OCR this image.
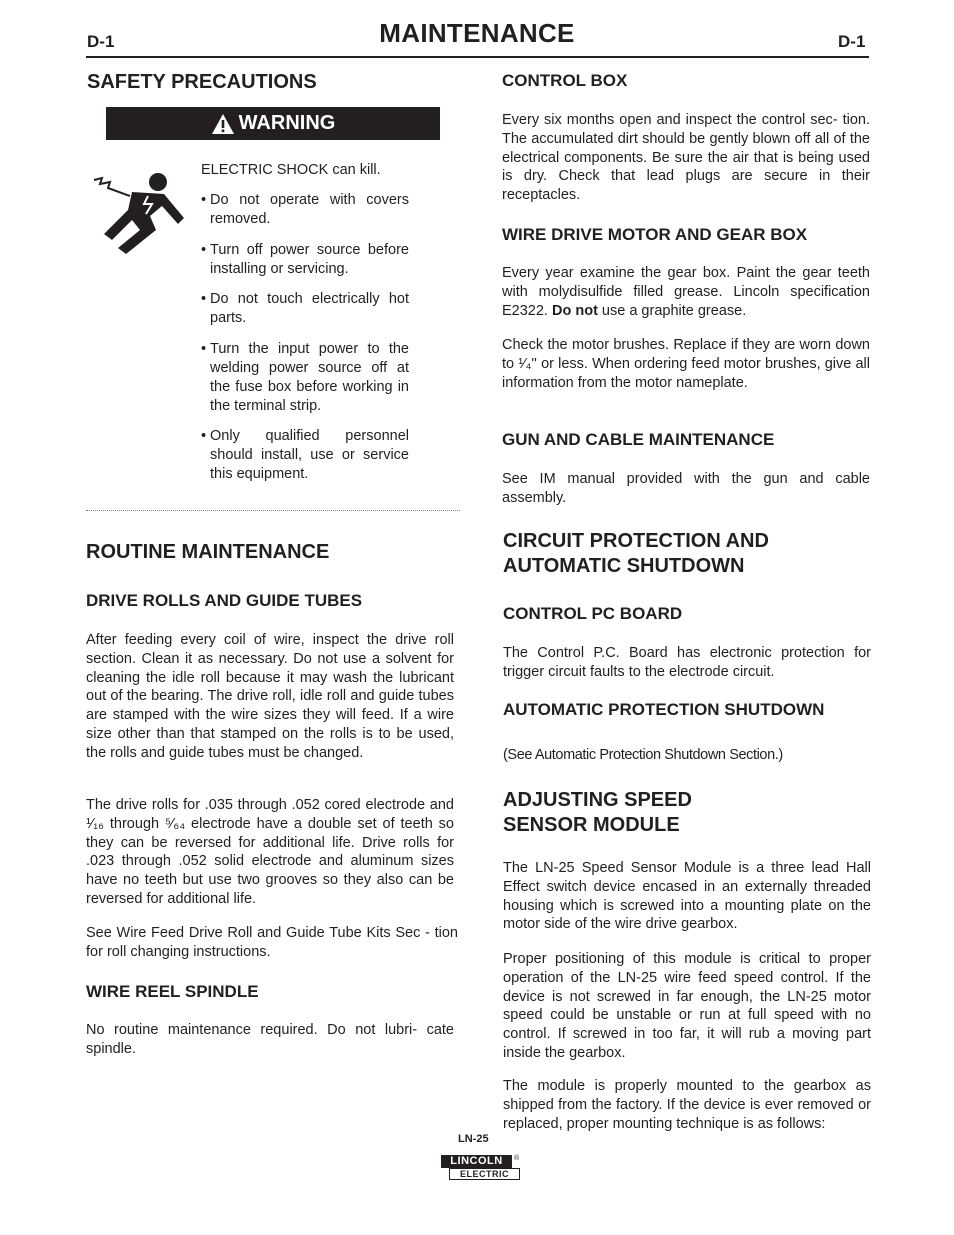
D-1	MAINTENANCE	D-1
SAFETY PRECAUTIONS
WARNING
ELECTRIC SHOCK can kill.
• Do not operate with covers removed.
• Turn off power source before installing or servicing.
• Do not touch electrically hot parts.
• Turn the input power to the welding power source off at the fuse box before working in the terminal strip.
• Only qualified personnel should install, use or service this equipment.
ROUTINE MAINTENANCE
DRIVE ROLLS AND GUIDE TUBES
After feeding every coil of wire, inspect the drive roll section. Clean it as necessary. Do not use a solvent for cleaning the idle roll because it may wash the lubricant out of the bearing. The drive roll, idle roll and guide tubes are stamped with the wire sizes they will feed. If a wire size other than that stamped on the rolls is to be used, the rolls and guide tubes must be changed.
The drive rolls for .035 through .052 cored electrode and ¹⁄₁₆ through ⁵⁄₆₄ electrode have a double set of teeth so they can be reversed for additional life. Drive rolls for .023 through .052 solid electrode and aluminum sizes have no teeth but use two grooves so they also can be reversed for additional life.
See Wire Feed Drive Roll and Guide Tube Kits Sec - tion for roll changing instructions.
WIRE REEL SPINDLE
No routine maintenance required. Do not lubri- cate spindle.
CONTROL BOX
Every six months open and inspect the control sec- tion. The accumulated dirt should be gently blown off all of the electrical components. Be sure the air that is being used is dry. Check that lead plugs are secure in their receptacles.
WIRE DRIVE MOTOR AND GEAR BOX
Every year examine the gear box. Paint the gear teeth with molydisulfide filled grease. Lincoln specification E2322. Do not use a graphite grease.
Check the motor brushes. Replace if they are worn down to ¹⁄₄'' or less. When ordering feed motor brushes, give all information from the motor nameplate.
GUN AND CABLE MAINTENANCE
See IM manual provided with the gun and cable assembly.
CIRCUIT PROTECTION AND
AUTOMATIC SHUTDOWN
CONTROL PC BOARD
The Control P.C. Board has electronic protection for trigger circuit faults to the electrode circuit.
AUTOMATIC PROTECTION SHUTDOWN
(See Automatic Protection Shutdown Section.)
ADJUSTING SPEED
SENSOR MODULE
The LN-25 Speed Sensor Module is a three lead Hall Effect switch device encased in an externally threaded housing which is screwed into a mounting plate on the motor side of the wire drive gearbox.
Proper positioning of this module is critical to proper operation of the LN-25 wire feed speed control. If the device is not screwed in far enough, the LN-25 motor speed could be unstable or run at full speed with no control. If screwed in too far, it will rub a moving part inside the gearbox.
The module is properly mounted to the gearbox as shipped from the factory. If the device is ever removed or replaced, proper mounting technique is as follows:
LN-25
LINCOLN	®
ELECTRIC
